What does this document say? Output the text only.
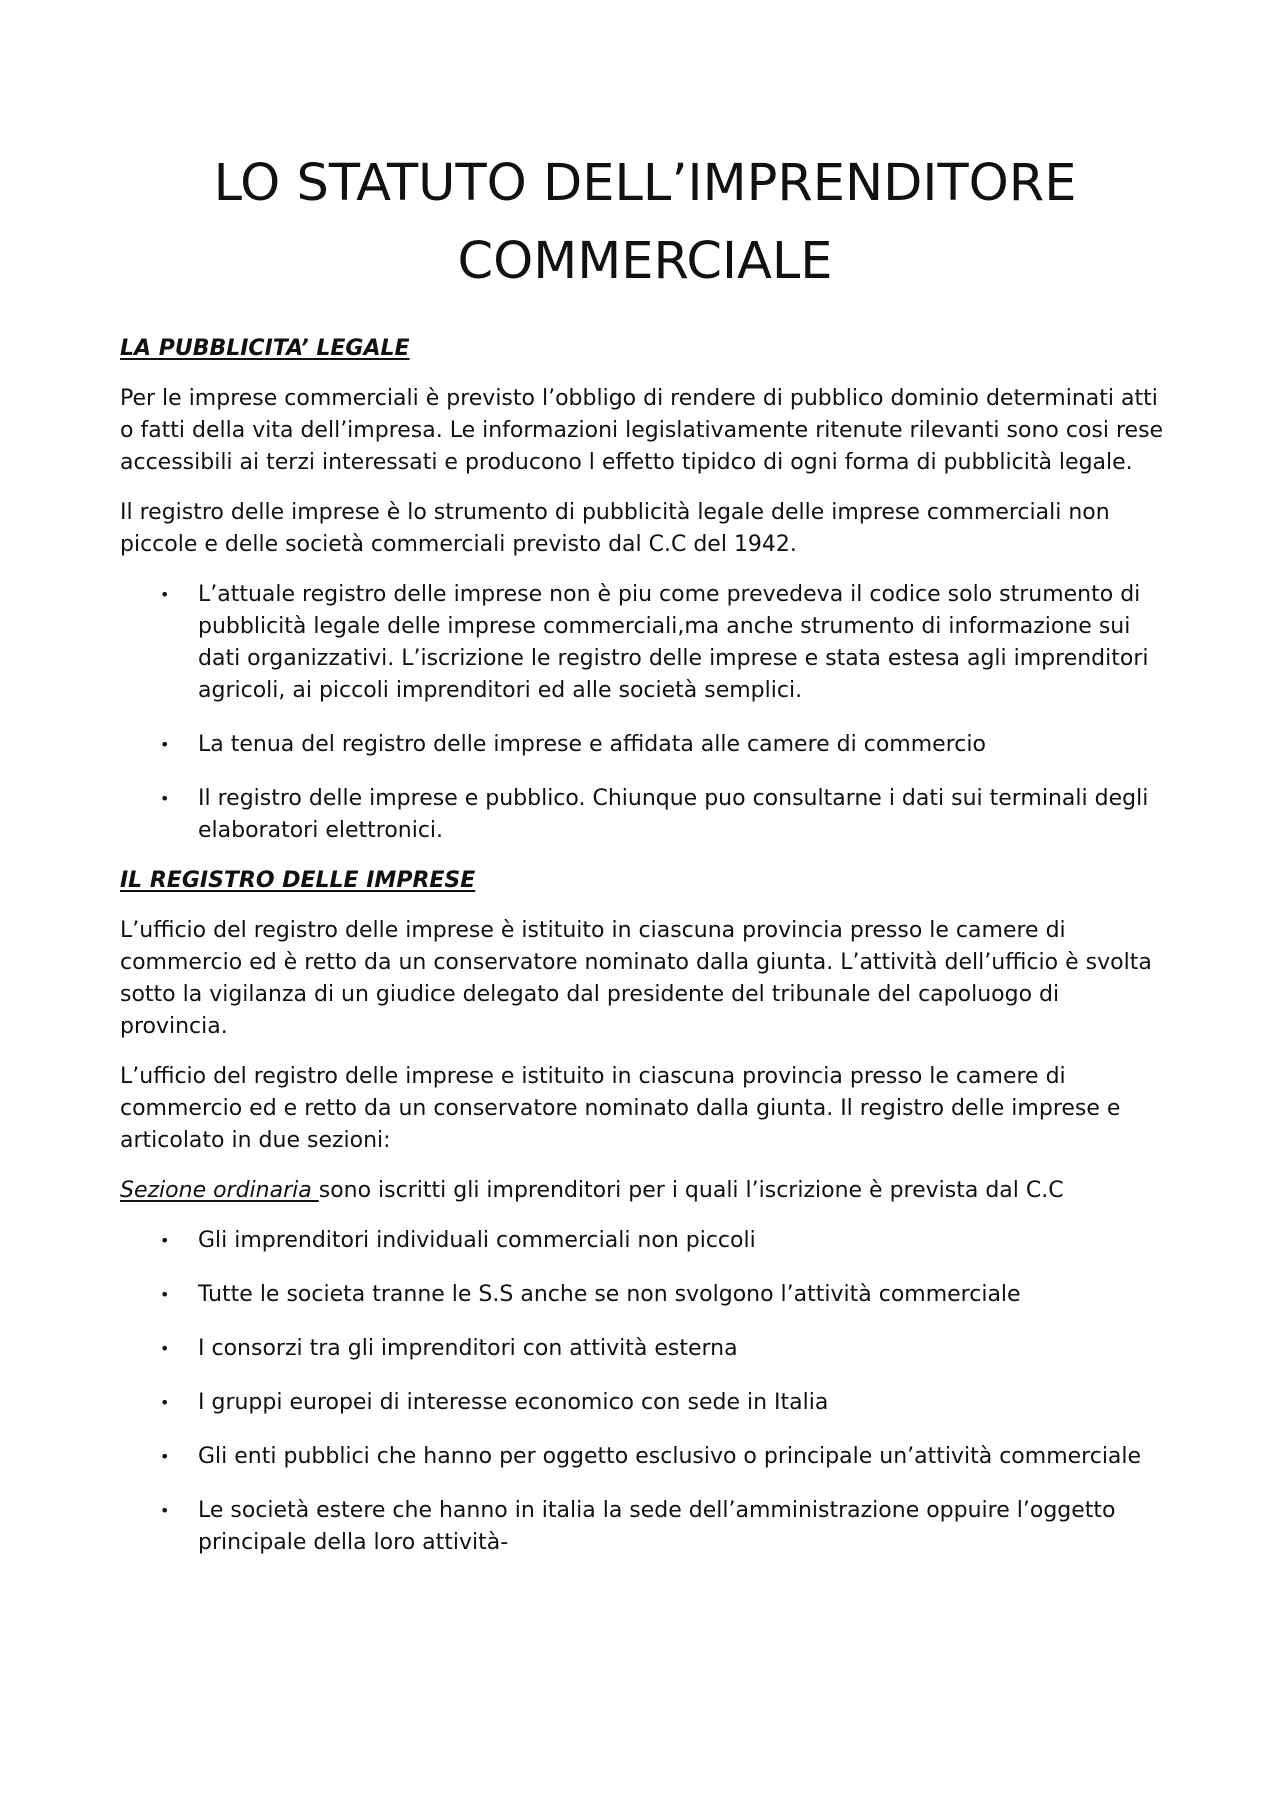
LO STATUTO DELL’IMPRENDITORE COMMERCIALE
LA PUBBLICITA’ LEGALE

Per le imprese commerciali è previsto l’obbligo di rendere di pubblico dominio determinati atti o fatti della vita dell’impresa. Le informazioni legislativamente ritenute rilevanti sono cosi rese accessibili ai terzi interessati e producono l effetto tipidco di ogni forma di pubblicità legale.

Il registro delle imprese è lo strumento di pubblicità legale delle imprese commerciali non piccole e delle società commerciali previsto dal C.C del 1942.

• L’attuale registro delle imprese non è piu come prevedeva il codice solo strumento di pubblicità legale delle imprese commerciali,ma anche strumento di informazione sui dati organizzativi. L’iscrizione le registro delle imprese e stata estesa agli imprenditori agricoli, ai piccoli imprenditori ed alle società semplici.
• La tenua del registro delle imprese e affidata alle camere di commercio
• Il registro delle imprese e pubblico. Chiunque puo consultarne i dati sui terminali degli elaboratori elettronici.
IL REGISTRO DELLE IMPRESE

L’ufficio del registro delle imprese è istituito in ciascuna provincia presso le camere di commercio ed è retto da un conservatore nominato dalla giunta. L’attività dell’ufficio è svolta sotto la vigilanza di un giudice delegato dal presidente del tribunale del capoluogo di provincia.

L’ufficio del registro delle imprese e istituito in ciascuna provincia presso le camere di commercio ed e retto da un conservatore nominato dalla giunta. Il registro delle imprese e articolato in due sezioni:

Sezione ordinaria sono iscritti gli imprenditori per i quali l’iscrizione è prevista dal C.C

• Gli imprenditori individuali commerciali non piccoli
• Tutte le societa tranne le S.S anche se non svolgono l’attività commerciale
• I consorzi tra gli imprenditori con attività esterna
• I gruppi europei di interesse economico con sede in Italia
• Gli enti pubblici che hanno per oggetto esclusivo o principale un’attività commerciale
• Le società estere che hanno in italia la sede dell’amministrazione oppuire l’oggetto principale della loro attività-
